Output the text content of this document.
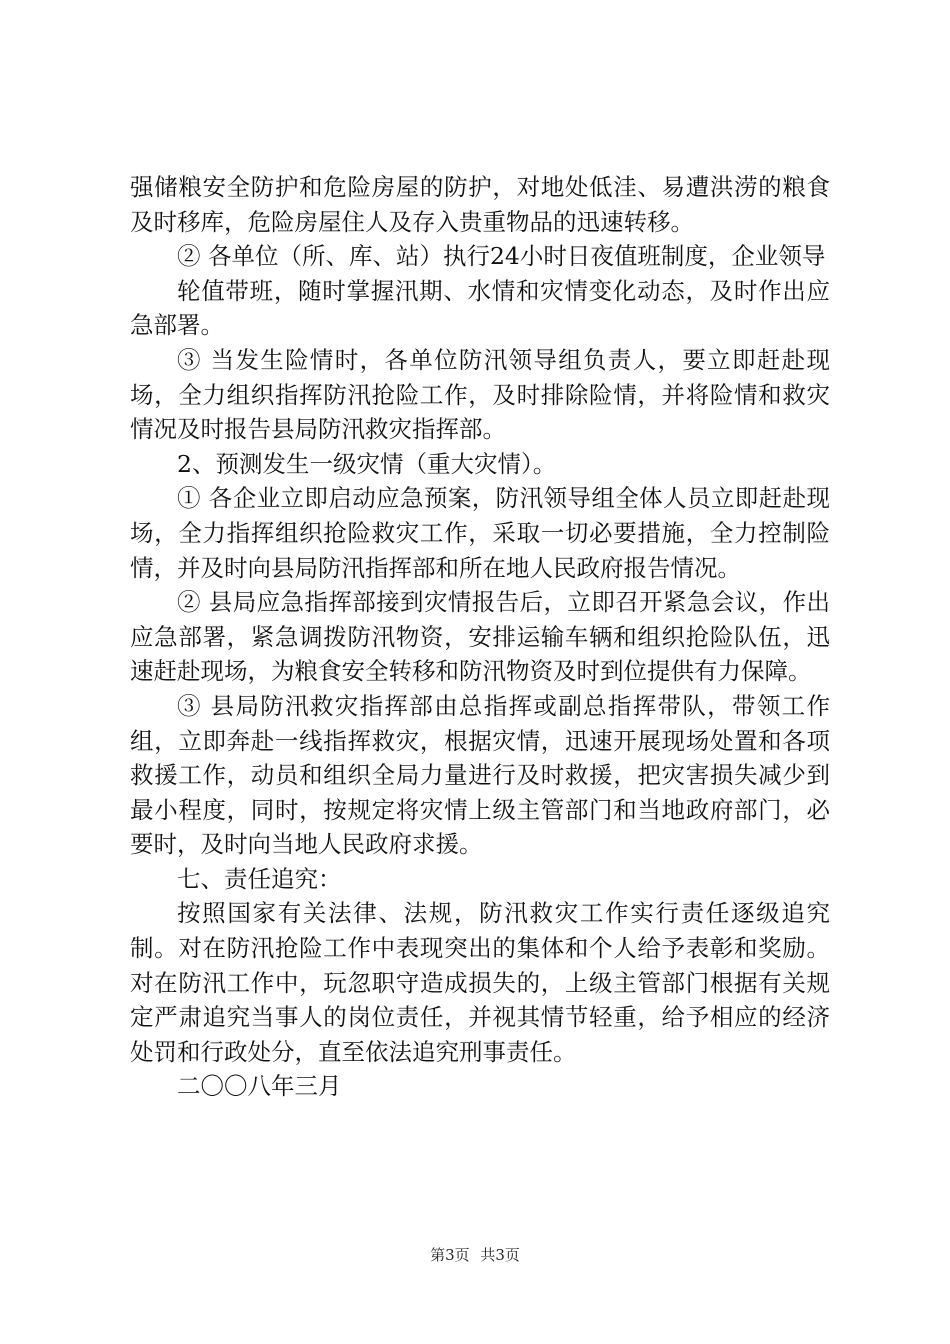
强储粮安全防护和危险房屋的防护，对地处低洼、易遭洪涝的粮食及时移库，危险房屋住人及存入贵重物品的迅速转移。

② 各单位（所、库、站）执行24小时日夜值班制度，企业领导

轮值带班，随时掌握汛期、水情和灾情变化动态，及时作出应急部署。

③ 当发生险情时，各单位防汛领导组负责人，要立即赶赴现场，全力组织指挥防汛抢险工作，及时排除险情，并将险情和救灾情况及时报告县局防汛救灾指挥部。

2、预测发生一级灾情（重大灾情）。

① 各企业立即启动应急预案，防汛领导组全体人员立即赶赴现场，全力指挥组织抢险救灾工作，采取一切必要措施，全力控制险情，并及时向县局防汛指挥部和所在地人民政府报告情况。

② 县局应急指挥部接到灾情报告后，立即召开紧急会议，作出应急部署，紧急调拨防汛物资，安排运输车辆和组织抢险队伍，迅速赶赴现场，为粮食安全转移和防汛物资及时到位提供有力保障。

③ 县局防汛救灾指挥部由总指挥或副总指挥带队，带领工作组，立即奔赴一线指挥救灾，根据灾情，迅速开展现场处置和各项救援工作，动员和组织全局力量进行及时救援，把灾害损失减少到最小程度，同时，按规定将灾情上级主管部门和当地政府部门，必要时，及时向当地人民政府求援。

七、责任追究：

按照国家有关法律、法规，防汛救灾工作实行责任逐级追究制。对在防汛抢险工作中表现突出的集体和个人给予表彰和奖励。对在防汛工作中，玩忽职守造成损失的，上级主管部门根据有关规定严肃追究当事人的岗位责任，并视其情节轻重，给予相应的经济处罚和行政处分，直至依法追究刑事责任。

二〇〇八年三月

第3页 共3页
